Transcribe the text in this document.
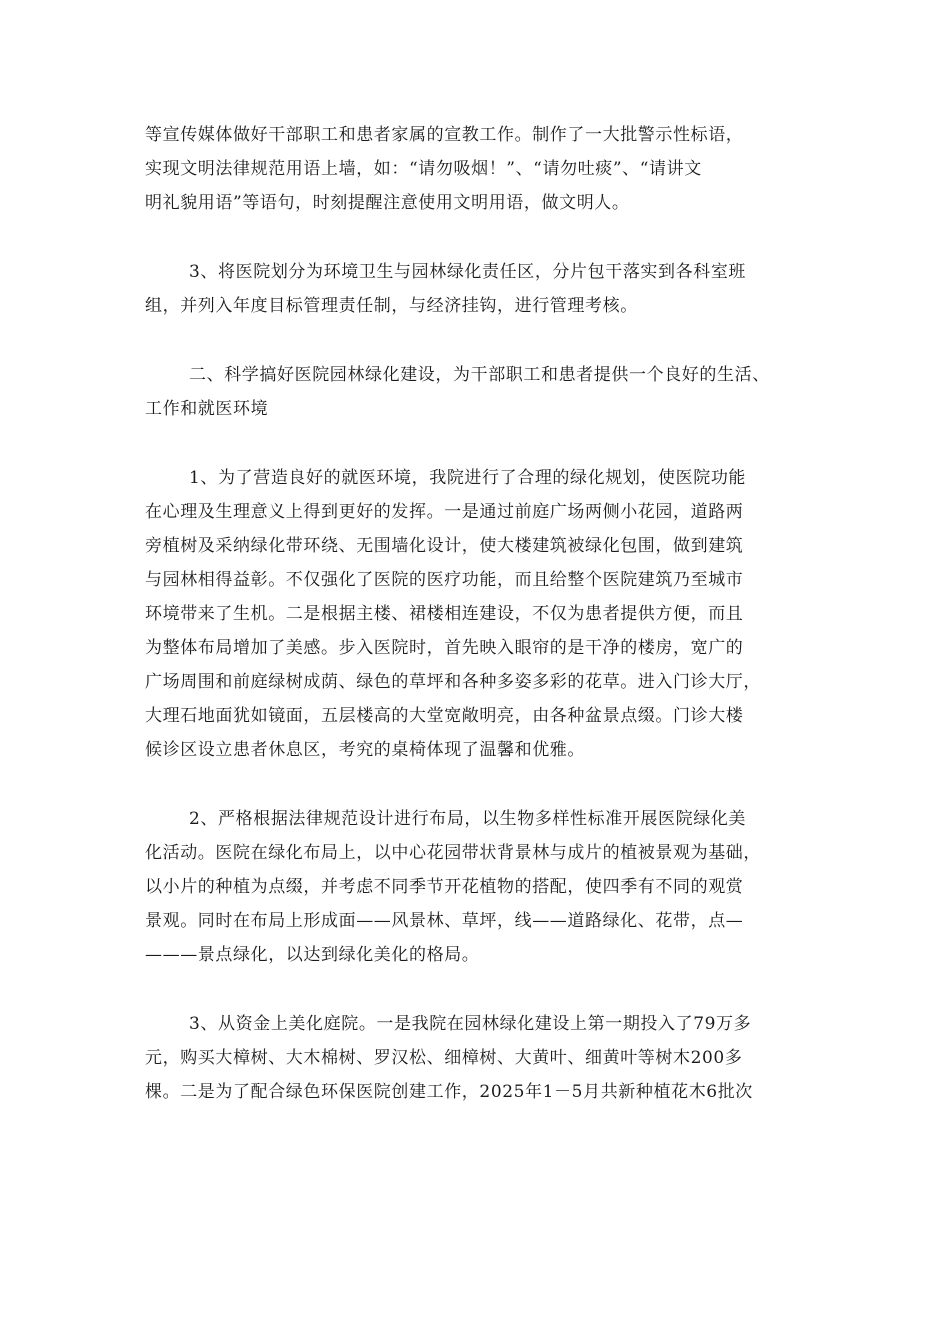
等宣传媒体做好干部职工和患者家属的宣教工作。制作了一大批警示性标语，
实现文明法律规范用语上墙，如：“请勿吸烟！”、“请勿吐痰”、“请讲文
明礼貌用语”等语句，时刻提醒注意使用文明用语，做文明人。
3、将医院划分为环境卫生与园林绿化责任区，分片包干落实到各科室班
组，并列入年度目标管理责任制，与经济挂钩，进行管理考核。
二、科学搞好医院园林绿化建设，为干部职工和患者提供一个良好的生活、
工作和就医环境
1、为了营造良好的就医环境，我院进行了合理的绿化规划，使医院功能
在心理及生理意义上得到更好的发挥。一是通过前庭广场两侧小花园，道路两
旁植树及采纳绿化带环绕、无围墙化设计，使大楼建筑被绿化包围，做到建筑
与园林相得益彰。不仅强化了医院的医疗功能，而且给整个医院建筑乃至城市
环境带来了生机。二是根据主楼、裙楼相连建设，不仅为患者提供方便，而且
为整体布局增加了美感。步入医院时，首先映入眼帘的是干净的楼房，宽广的
广场周围和前庭绿树成荫、绿色的草坪和各种多姿多彩的花草。进入门诊大厅，
大理石地面犹如镜面，五层楼高的大堂宽敞明亮，由各种盆景点缀。门诊大楼
候诊区设立患者休息区，考究的桌椅体现了温馨和优雅。
2、严格根据法律规范设计进行布局，以生物多样性标准开展医院绿化美
化活动。医院在绿化布局上，以中心花园带状背景林与成片的植被景观为基础，
以小片的种植为点缀，并考虑不同季节开花植物的搭配，使四季有不同的观赏
景观。同时在布局上形成面——风景林、草坪，线——道路绿化、花带，点—
———景点绿化，以达到绿化美化的格局。
3、从资金上美化庭院。一是我院在园林绿化建设上第一期投入了79万多
元，购买大樟树、大木棉树、罗汉松、细樟树、大黄叶、细黄叶等树木200多
棵。二是为了配合绿色环保医院创建工作，2025年1－5月共新种植花木6批次
